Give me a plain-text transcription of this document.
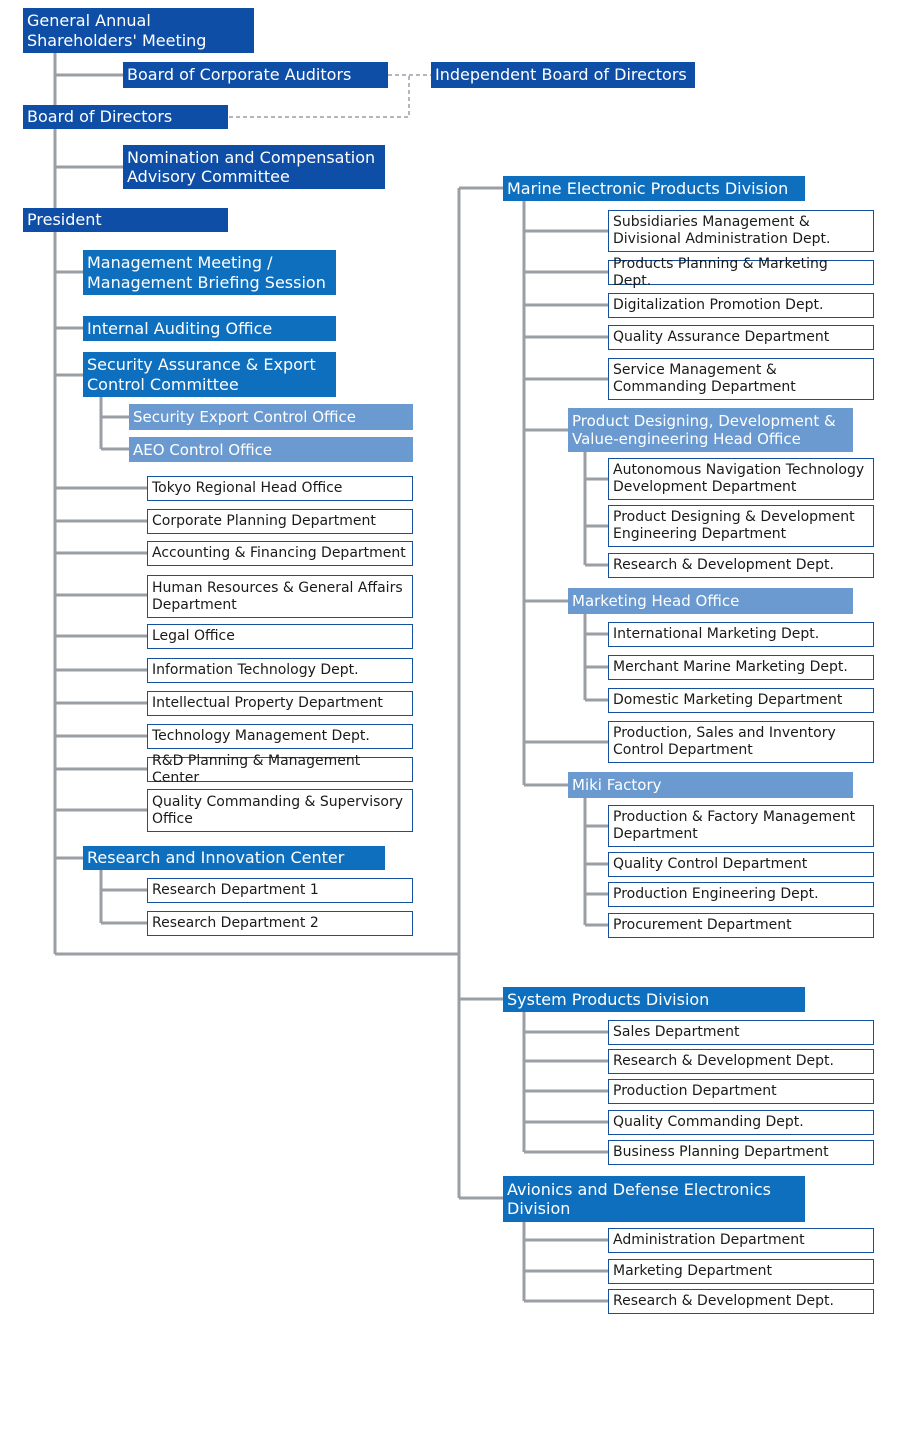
General Annual Shareholders' Meeting
Board of Corporate Auditors	Independent Board of Directors
Board of Directors
Nomination and Compensation Advisory Committee
President
Management Meeting / Management Briefing Session
Internal Auditing Office
Security Assurance & Export Control Committee
Security Export Control Office
AEO Control Office
Tokyo Regional Head Office
Corporate Planning Department
Accounting & Financing Department
Human Resources & General Affairs Department
Legal Office
Information Technology Dept.
Intellectual Property Department
Technology Management Dept.
R&D Planning & Management Center
Quality Commanding & Supervisory Office
Research and Innovation Center
Research Department 1
Research Department 2
Marine Electronic Products Division
Subsidiaries Management & Divisional Administration Dept.
Products Planning & Marketing Dept.
Digitalization Promotion Dept.
Quality Assurance Department
Service Management & Commanding Department
Product Designing, Development & Value-engineering Head Office
Autonomous Navigation Technology Development Department
Product Designing & Development Engineering Department
Research & Development Dept.
Marketing Head Office
International Marketing Dept.
Merchant Marine Marketing Dept.
Domestic Marketing Department
Production, Sales and Inventory Control Department
Miki Factory
Production & Factory Management Department
Quality Control Department
Production Engineering Dept.
Procurement Department
System Products Division
Sales Department
Research & Development Dept.
Production Department
Quality Commanding Dept.
Business Planning Department
Avionics and Defense Electronics Division
Administration Department
Marketing Department
Research & Development Dept.
